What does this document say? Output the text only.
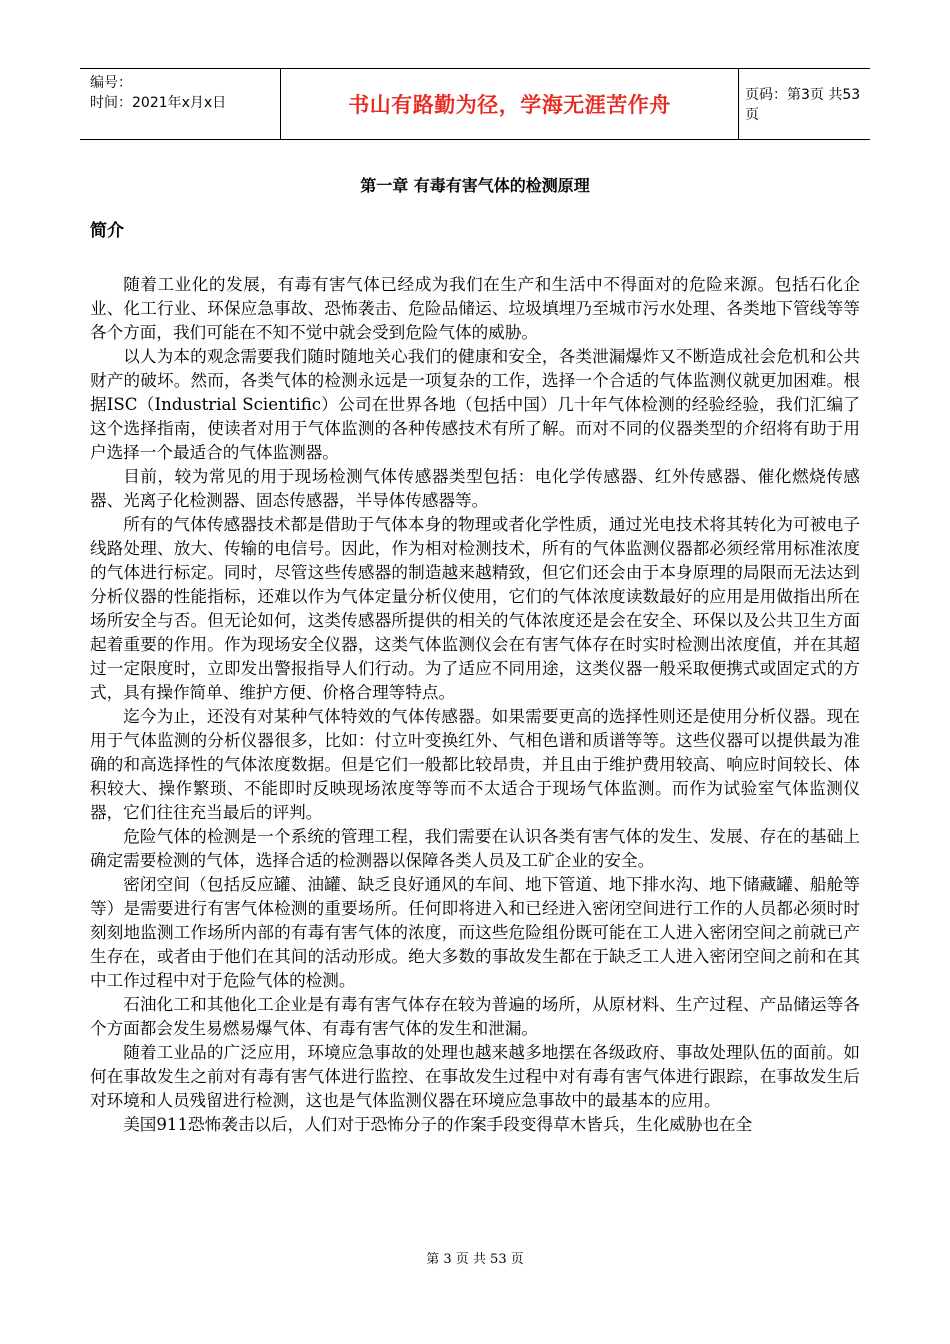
编号：
时间：2021年x月x日	书山有路勤为径，学海无涯苦作舟	页码：第3页 共53页
第一章 有毒有害气体的检测原理
简介

随着工业化的发展，有毒有害气体已经成为我们在生产和生活中不得面对的危险来源。包括石化企业、化工行业、环保应急事故、恐怖袭击、危险品储运、垃圾填埋乃至城市污水处理、各类地下管线等等各个方面，我们可能在不知不觉中就会受到危险气体的威胁。

以人为本的观念需要我们随时随地关心我们的健康和安全，各类泄漏爆炸又不断造成社会危机和公共财产的破坏。然而，各类气体的检测永远是一项复杂的工作，选择一个合适的气体监测仪就更加困难。根据ISC（Industrial Scientific）公司在世界各地（包括中国）几十年气体检测的经验经验，我们汇编了这个选择指南，使读者对用于气体监测的各种传感技术有所了解。而对不同的仪器类型的介绍将有助于用户选择一个最适合的气体监测器。

目前，较为常见的用于现场检测气体传感器类型包括：电化学传感器、红外传感器、催化燃烧传感器、光离子化检测器、固态传感器，半导体传感器等。

所有的气体传感器技术都是借助于气体本身的物理或者化学性质，通过光电技术将其转化为可被电子线路处理、放大、传输的电信号。因此，作为相对检测技术，所有的气体监测仪器都必须经常用标准浓度的气体进行标定。同时，尽管这些传感器的制造越来越精致，但它们还会由于本身原理的局限而无法达到分析仪器的性能指标，还难以作为气体定量分析仪使用，它们的气体浓度读数最好的应用是用做指出所在场所安全与否。但无论如何，这类传感器所提供的相关的气体浓度还是会在安全、环保以及公共卫生方面起着重要的作用。作为现场安全仪器，这类气体监测仪会在有害气体存在时实时检测出浓度值，并在其超过一定限度时，立即发出警报指导人们行动。为了适应不同用途，这类仪器一般采取便携式或固定式的方式，具有操作简单、维护方便、价格合理等特点。

迄今为止，还没有对某种气体特效的气体传感器。如果需要更高的选择性则还是使用分析仪器。现在用于气体监测的分析仪器很多，比如：付立叶变换红外、气相色谱和质谱等等。这些仪器可以提供最为准确的和高选择性的气体浓度数据。但是它们一般都比较昂贵，并且由于维护费用较高、响应时间较长、体积较大、操作繁琐、不能即时反映现场浓度等等而不太适合于现场气体监测。而作为试验室气体监测仪器，它们往往充当最后的评判。

危险气体的检测是一个系统的管理工程，我们需要在认识各类有害气体的发生、发展、存在的基础上确定需要检测的气体，选择合适的检测器以保障各类人员及工矿企业的安全。

密闭空间（包括反应罐、油罐、缺乏良好通风的车间、地下管道、地下排水沟、地下储藏罐、船舱等等）是需要进行有害气体检测的重要场所。任何即将进入和已经进入密闭空间进行工作的人员都必须时时刻刻地监测工作场所内部的有毒有害气体的浓度，而这些危险组份既可能在工人进入密闭空间之前就已产生存在，或者由于他们在其间的活动形成。绝大多数的事故发生都在于缺乏工人进入密闭空间之前和在其中工作过程中对于危险气体的检测。

石油化工和其他化工企业是有毒有害气体存在较为普遍的场所，从原材料、生产过程、产品储运等各个方面都会发生易燃易爆气体、有毒有害气体的发生和泄漏。

随着工业品的广泛应用，环境应急事故的处理也越来越多地摆在各级政府、事故处理队伍的面前。如何在事故发生之前对有毒有害气体进行监控、在事故发生过程中对有毒有害气体进行跟踪，在事故发生后对环境和人员残留进行检测，这也是气体监测仪器在环境应急事故中的最基本的应用。

美国911恐怖袭击以后，人们对于恐怖分子的作案手段变得草木皆兵，生化威胁也在全

第 3 页 共 53 页
